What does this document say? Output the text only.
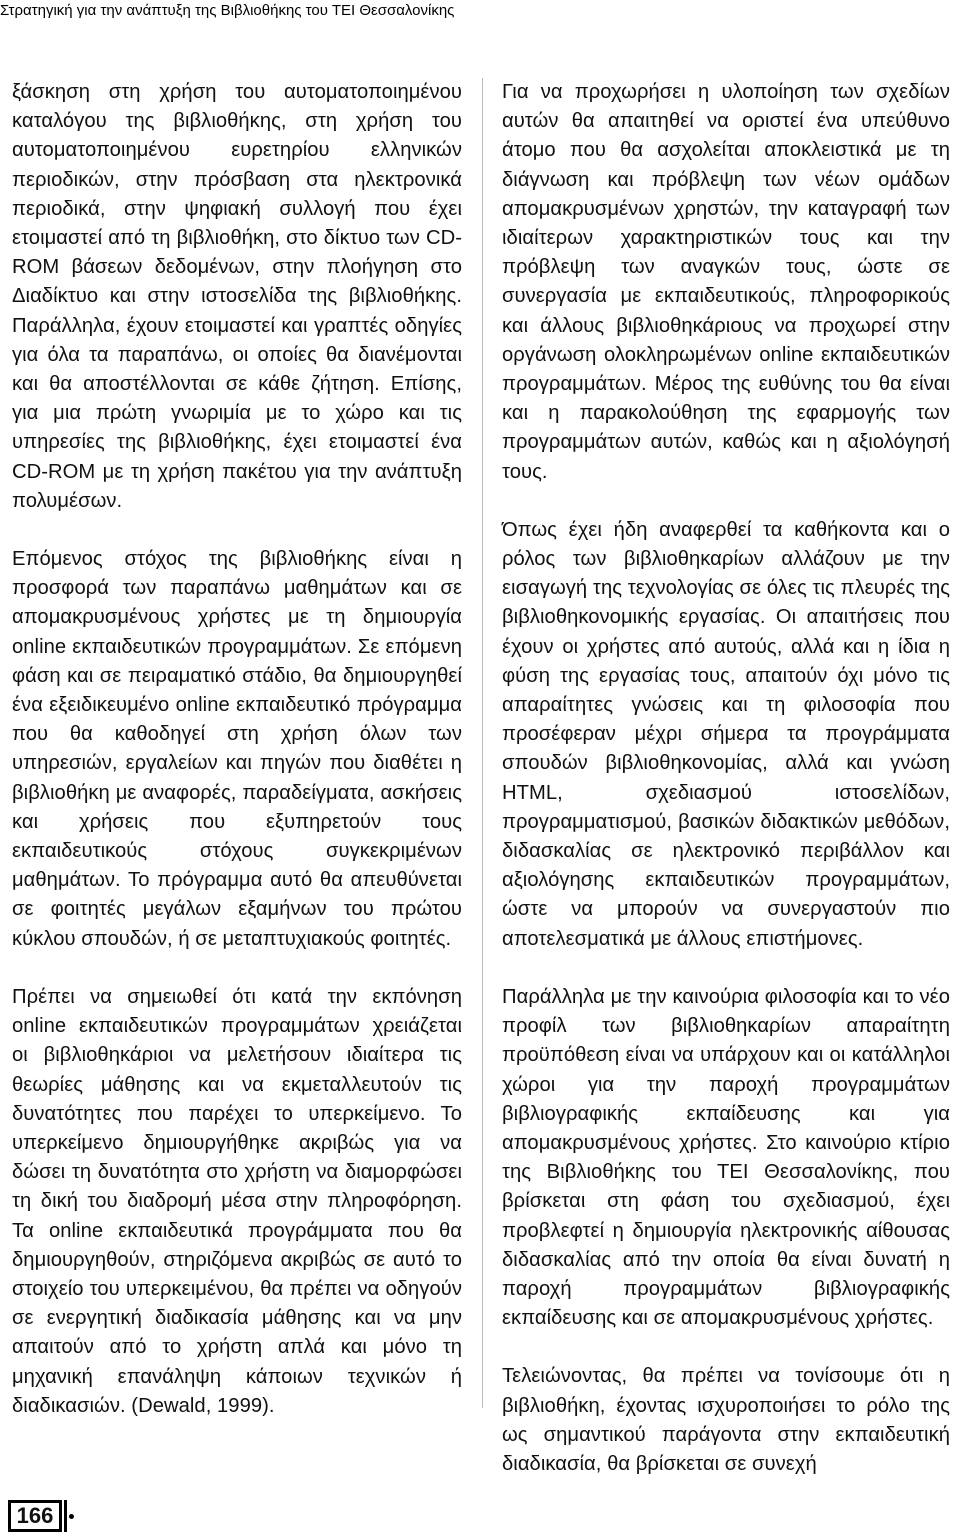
Στρατηγική για την ανάπτυξη της Βιβλιοθήκης του ΤΕΙ Θεσσαλονίκης

ξάσκηση στη χρήση του αυτοματοποιημένου καταλόγου της βιβλιοθήκης, στη χρήση του αυτοματοποιημένου ευρετηρίου ελληνικών περιοδικών, στην πρόσβαση στα ηλεκτρονικά περιοδικά, στην ψηφιακή συλλογή που έχει ετοιμαστεί από τη βιβλιοθήκη, στο δίκτυο των CD-ROM βάσεων δεδομένων, στην πλοήγηση στο Διαδίκτυο και στην ιστοσελίδα της βιβλιοθήκης. Παράλληλα, έχουν ετοιμαστεί και γραπτές οδηγίες για όλα τα παραπάνω, οι οποίες θα διανέμονται και θα αποστέλλονται σε κάθε ζήτηση. Επίσης, για μια πρώτη γνωριμία με το χώρο και τις υπηρεσίες της βιβλιοθήκης, έχει ετοιμαστεί ένα CD-ROM με τη χρήση πακέτου για την ανάπτυξη πολυμέσων.

Επόμενος στόχος της βιβλιοθήκης είναι η προσφορά των παραπάνω μαθημάτων και σε απομακρυσμένους χρήστες με τη δημιουργία online εκπαιδευτικών προγραμμάτων. Σε επόμενη φάση και σε πειραματικό στάδιο, θα δημιουργηθεί ένα εξειδικευμένο online εκπαιδευτικό πρόγραμμα που θα καθοδηγεί στη χρήση όλων των υπηρεσιών, εργαλείων και πηγών που διαθέτει η βιβλιοθήκη με αναφορές, παραδείγματα, ασκήσεις και χρήσεις που εξυπηρετούν τους εκπαιδευτικούς στόχους συγκεκριμένων μαθημάτων. Το πρόγραμμα αυτό θα απευθύνεται σε φοιτητές μεγάλων εξαμήνων του πρώτου κύκλου σπουδών, ή σε μεταπτυχιακούς φοιτητές.

Πρέπει να σημειωθεί ότι κατά την εκπόνηση online εκπαιδευτικών προγραμμάτων χρειάζεται οι βιβλιοθηκάριοι να μελετήσουν ιδιαίτερα τις θεωρίες μάθησης και να εκμεταλλευτούν τις δυνατότητες που παρέχει το υπερκείμενο. Το υπερκείμενο δημιουργήθηκε ακριβώς για να δώσει τη δυνατότητα στο χρήστη να διαμορφώσει τη δική του διαδρομή μέσα στην πληροφόρηση. Τα online εκπαιδευτικά προγράμματα που θα δημιουργηθούν, στηριζόμενα ακριβώς σε αυτό το στοιχείο του υπερκειμένου, θα πρέπει να οδηγούν σε ενεργητική διαδικασία μάθησης και να μην απαιτούν από το χρήστη απλά και μόνο τη μηχανική επανάληψη κάποιων τεχνικών ή διαδικασιών. (Dewald, 1999).

Για να προχωρήσει η υλοποίηση των σχεδίων αυτών θα απαιτηθεί να οριστεί ένα υπεύθυνο άτομο που θα ασχολείται αποκλειστικά με τη διάγνωση και πρόβλεψη των νέων ομάδων απομακρυσμένων χρηστών, την καταγραφή των ιδιαίτερων χαρακτηριστικών τους και την πρόβλεψη των αναγκών τους, ώστε σε συνεργασία με εκπαιδευτικούς, πληροφορικούς και άλλους βιβλιοθηκάριους να προχωρεί στην οργάνωση ολοκληρωμένων online εκπαιδευτικών προγραμμάτων. Μέρος της ευθύνης του θα είναι και η παρακολούθηση της εφαρμογής των προγραμμάτων αυτών, καθώς και η αξιολόγησή τους.

Όπως έχει ήδη αναφερθεί τα καθήκοντα και ο ρόλος των βιβλιοθηκαρίων αλλάζουν με την εισαγωγή της τεχνολογίας σε όλες τις πλευρές της βιβλιοθηκονομικής εργασίας. Οι απαιτήσεις που έχουν οι χρήστες από αυτούς, αλλά και η ίδια η φύση της εργασίας τους, απαιτούν όχι μόνο τις απαραίτητες γνώσεις και τη φιλοσοφία που προσέφεραν μέχρι σήμερα τα προγράμματα σπουδών βιβλιοθηκονομίας, αλλά και γνώση HTML, σχεδιασμού ιστοσελίδων, προγραμματισμού, βασικών διδακτικών μεθόδων, διδασκαλίας σε ηλεκτρονικό περιβάλλον και αξιολόγησης εκπαιδευτικών προγραμμάτων, ώστε να μπορούν να συνεργαστούν πιο αποτελεσματικά με άλλους επιστήμονες.

Παράλληλα με την καινούρια φιλοσοφία και το νέο προφίλ των βιβλιοθηκαρίων απαραίτητη προϋπόθεση είναι να υπάρχουν και οι κατάλληλοι χώροι για την παροχή προγραμμάτων βιβλιογραφικής εκπαίδευσης και για απομακρυσμένους χρήστες. Στο καινούριο κτίριο της Βιβλιοθήκης του ΤΕΙ Θεσσαλονίκης, που βρίσκεται στη φάση του σχεδιασμού, έχει προβλεφτεί η δημιουργία ηλεκτρονικής αίθουσας διδασκαλίας από την οποία θα είναι δυνατή η παροχή προγραμμάτων βιβλιογραφικής εκπαίδευσης και σε απομακρυσμένους χρήστες.

Τελειώνοντας, θα πρέπει να τονίσουμε ότι η βιβλιοθήκη, έχοντας ισχυροποιήσει το ρόλο της ως σημαντικού παράγοντα στην εκπαιδευτική διαδικασία, θα βρίσκεται σε συνεχή

166
